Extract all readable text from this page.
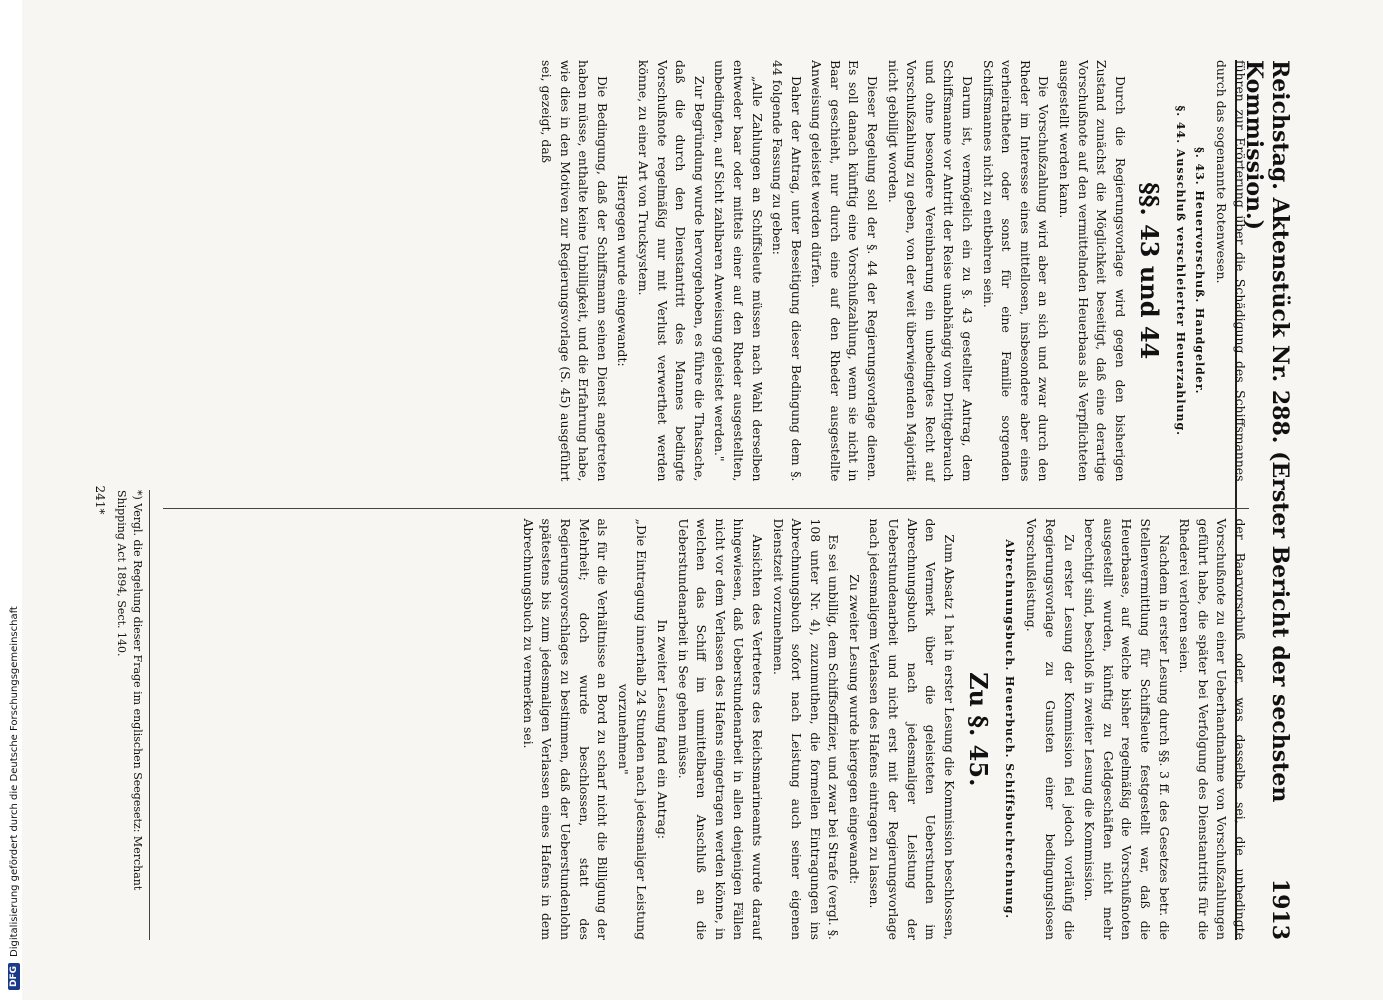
DFG
Digitalisierung gefördert durch die Deutsche Forschungsgemeinschaft	Reichstag. Aktenstück Nr. 288. (Erster Bericht der sechsten Kommission.)
1913

führen zur Erörterung über die Schädigung des Schiffsmannes durch das sogenannte Rotenwesen.

§. 43. Heuervorschuß. Handgelder.
§. 44. Ausschluß verschleierter Heuerzahlung.
§§. 43 und 44

Durch die Regierungsvorlage wird gegen den bisherigen Zustand zunächst die Möglichkeit beseitigt, daß eine derartige Vorschußnote auf den vermittelnden Heuerbaas als Verpflichteten ausgestellt werden kann.

Die Vorschußzahlung wird aber an sich und zwar durch den Rheder im Interesse eines mittellosen, insbesondere aber eines verheiratheten oder sonst für eine Familie sorgenden Schiffsmannes nicht zu entbehren sein.

Darum ist, vermögelich ein zu §. 43 gestellter Antrag, dem Schiffsmanne vor Antritt der Reise unabhängig vom Drittgebrauch und ohne besondere Vereinbarung ein unbedingtes Recht auf Vorschußzahlung zu geben, von der weit überwiegenden Majorität nicht gebilligt worden.

Dieser Regelung soll der §. 44 der Regierungsvorlage dienen. Es soll danach künftig eine Vorschußzahlung, wenn sie nicht in Baar geschieht, nur durch eine auf den Rheder ausgestellte Anweisung geleistet werden dürfen.

Daher der Antrag, unter Beseitigung dieser Bedingung dem §. 44 folgende Fassung zu geben:

„Alle Zahlungen an Schiffsleute müssen nach Wahl derselben entweder baar oder mittels einer auf den Rheder ausgestellten, unbedingten, auf Sicht zahlbaren Anweisung geleistet werden."

Zur Begründung wurde hervorgehoben, es führe die Thatsache, daß die durch den Dienstantritt des Mannes bedingte Vorschußnote regelmäßig nur mit Verlust verwerthet werden könne, zu einer Art von Trucksystem.

Hiergegen wurde eingewandt:

Die Bedingung, daß der Schiffsmann seinen Dienst angetreten haben müsse, enthalte keine Unbilligkeit, und die Erfahrung habe, wie dies in den Motiven zur Regierungsvorlage (S. 45) ausgeführt sei, gezeigt, daß

der Baarvorschuß oder, was dasselbe sei, die unbedingte Vorschußnote zu einer Ueberhandnahme von Vorschußzahlungen geführt habe, die später bei Verfolgung des Dienstantritts für die Rhederei verloren seien.

Nachdem in erster Lesung durch §§. 3 ff. des Gesetzes betr. die Stellenvermittlung für Schiffsleute festgestellt war, daß die Heuerbaase, auf welche bisher regelmäßig die Vorschußnoten ausgestellt wurden, künftig zu Geldgeschäften nicht mehr berechtigt sind, beschloß in zweiter Lesung die Kommission.

Zu erster Lesung der Kommission fiel jedoch vorläufig die Regierungsvorlage zu Gunsten einer bedingungslosen Vorschußleistung.

Abrechnungsbuch. Heuerbuch. Schiffsbuchrechnung.
Zu §. 45.

Zum Absatz 1 hat in erster Lesung die Kommission beschlossen, den Vermerk über die geleisteten Ueberstunden im Abrechnungsbuch nach jedesmaliger Leistung der Ueberstundenarbeit und nicht erst mit der Regierungsvorlage nach jedesmaligem Verlassen des Hafens eintragen zu lassen.

Zu zweiter Lesung wurde hiergegen eingewandt:

Es sei unbillig, dem Schiffsoffizier, und zwar bei Strafe (vergl. §. 108 unter Nr. 4), zuzumuthen, die formellen Eintragungen ins Abrechnungsbuch sofort nach Leistung auch seiner eigenen Dienstzeit vorzunehmen.

Ansichten des Vertreters des Reichsmarineamts wurde darauf hingewiesen, daß Ueberstundenarbeit in allen denjenigen Fällen nicht vor dem Verlassen des Hafens eingetragen werden könne, in welchen das Schiff im unmittelbaren Anschluß an die Ueberstundenarbeit in See gehen müsse.

In zweiter Lesung fand ein Antrag:

„Die Eintragung innerhalb 24 Stunden nach jedesmaliger Leistung vorzunehmen"

als für die Verhältnisse an Bord zu scharf nicht die Billigung der Mehrheit; doch wurde beschlossen, statt des Regierungsvorschlages zu bestimmen, daß der Ueberstundenlohn spätestens bis zum jedesmaligen Verlassen eines Hafens in dem Abrechnungsbuch zu vermerken sei.

*) Vergl. die Regelung dieser Frage im englischen Seegesetz: Merchant Shipping Act 1894, Sect. 140.
241*
